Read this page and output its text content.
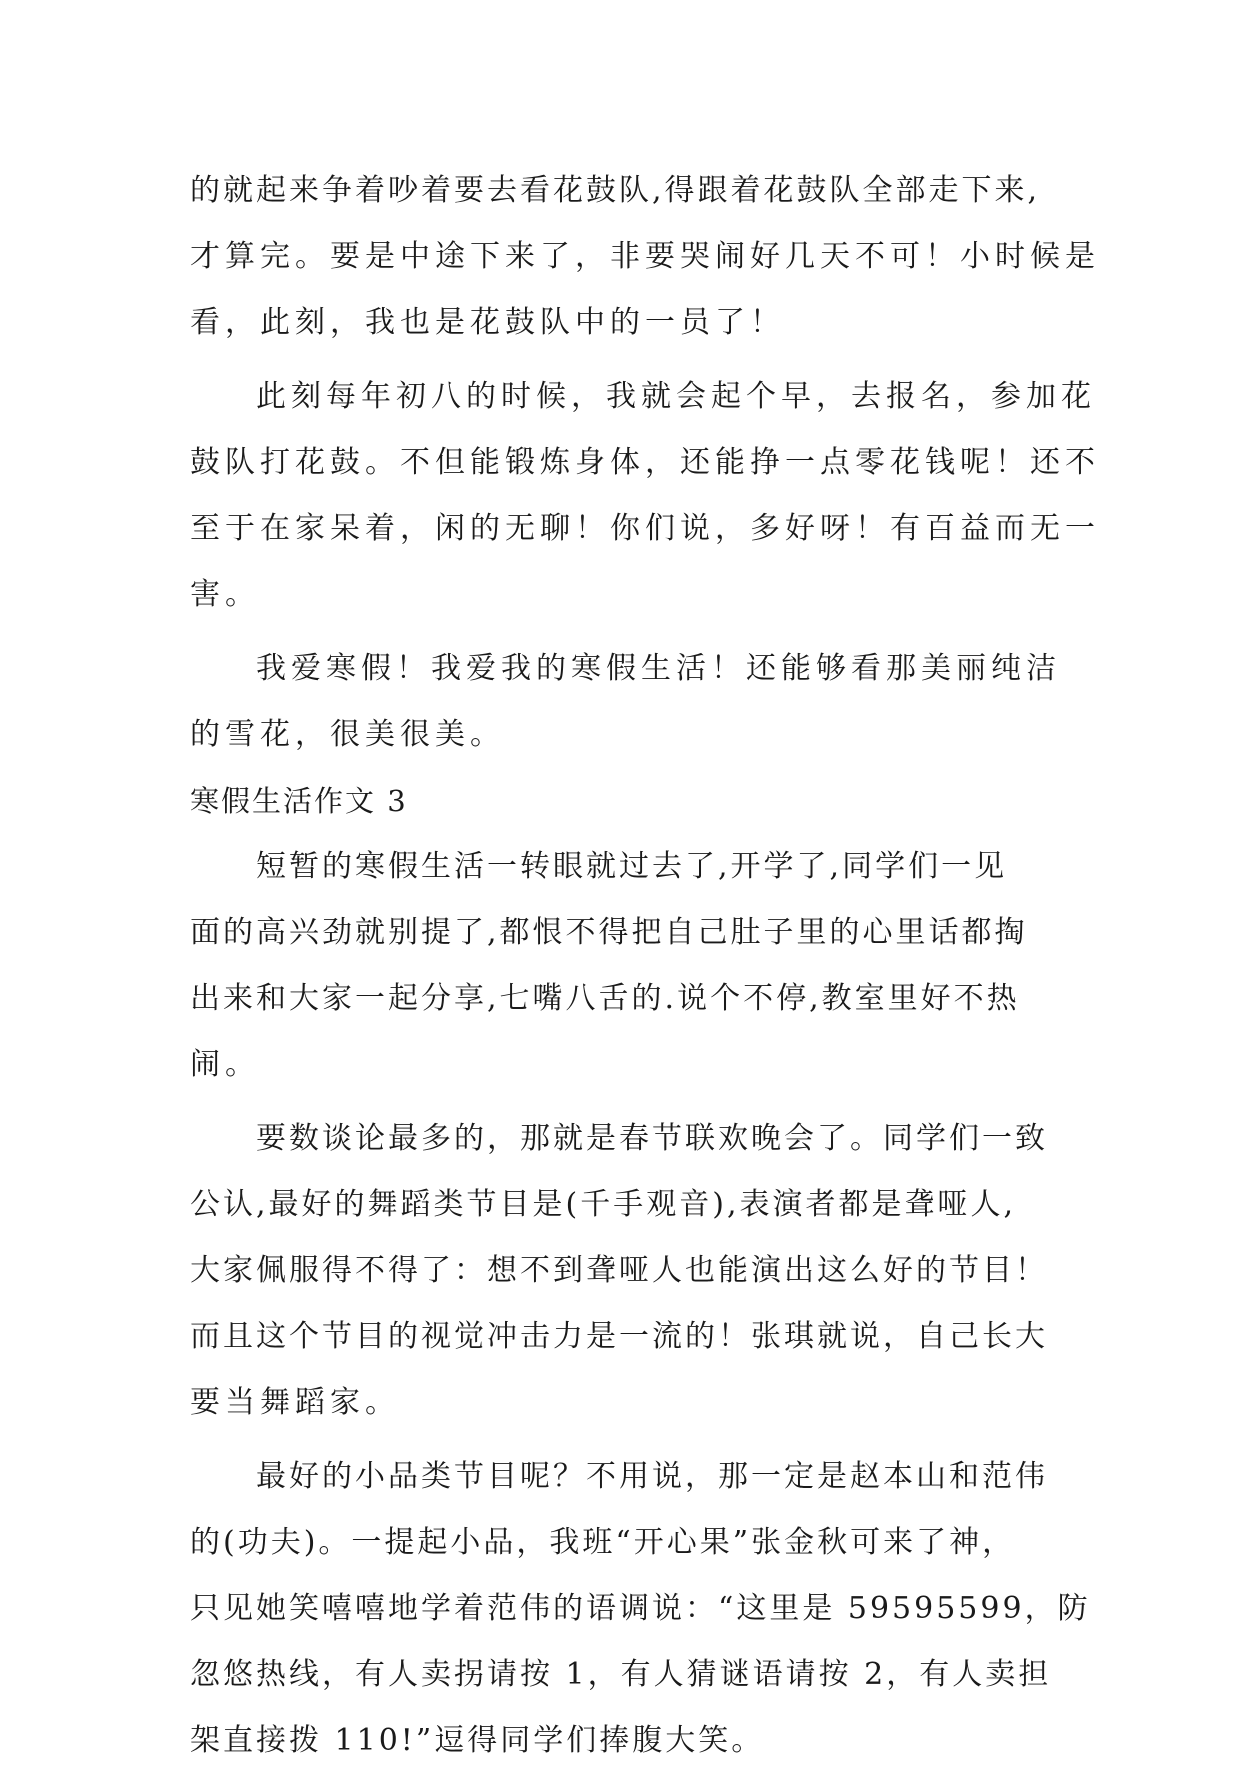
的就起来争着吵着要去看花鼓队,得跟着花鼓队全部走下来,
才算完。要是中途下来了，非要哭闹好几天不可！小时候是
看，此刻，我也是花鼓队中的一员了！
此刻每年初八的时候，我就会起个早，去报名，参加花
鼓队打花鼓。不但能锻炼身体，还能挣一点零花钱呢！还不
至于在家呆着，闲的无聊！你们说，多好呀！有百益而无一
害。
我爱寒假！我爱我的寒假生活！还能够看那美丽纯洁
的雪花，很美很美。
寒假生活作文 3
短暂的寒假生活一转眼就过去了,开学了,同学们一见
面的高兴劲就别提了,都恨不得把自己肚子里的心里话都掏
出来和大家一起分享,七嘴八舌的.说个不停,教室里好不热
闹。
要数谈论最多的，那就是春节联欢晚会了。同学们一致
公认,最好的舞蹈类节目是(千手观音),表演者都是聋哑人,
大家佩服得不得了：想不到聋哑人也能演出这么好的节目！
而且这个节目的视觉冲击力是一流的！张琪就说，自己长大
要当舞蹈家。
最好的小品类节目呢？不用说，那一定是赵本山和范伟
的(功夫)。一提起小品，我班“开心果”张金秋可来了神，
只见她笑嘻嘻地学着范伟的语调说：“这里是 59595599，防
忽悠热线，有人卖拐请按 1，有人猜谜语请按 2，有人卖担
架直接拨 110!”逗得同学们捧腹大笑。
